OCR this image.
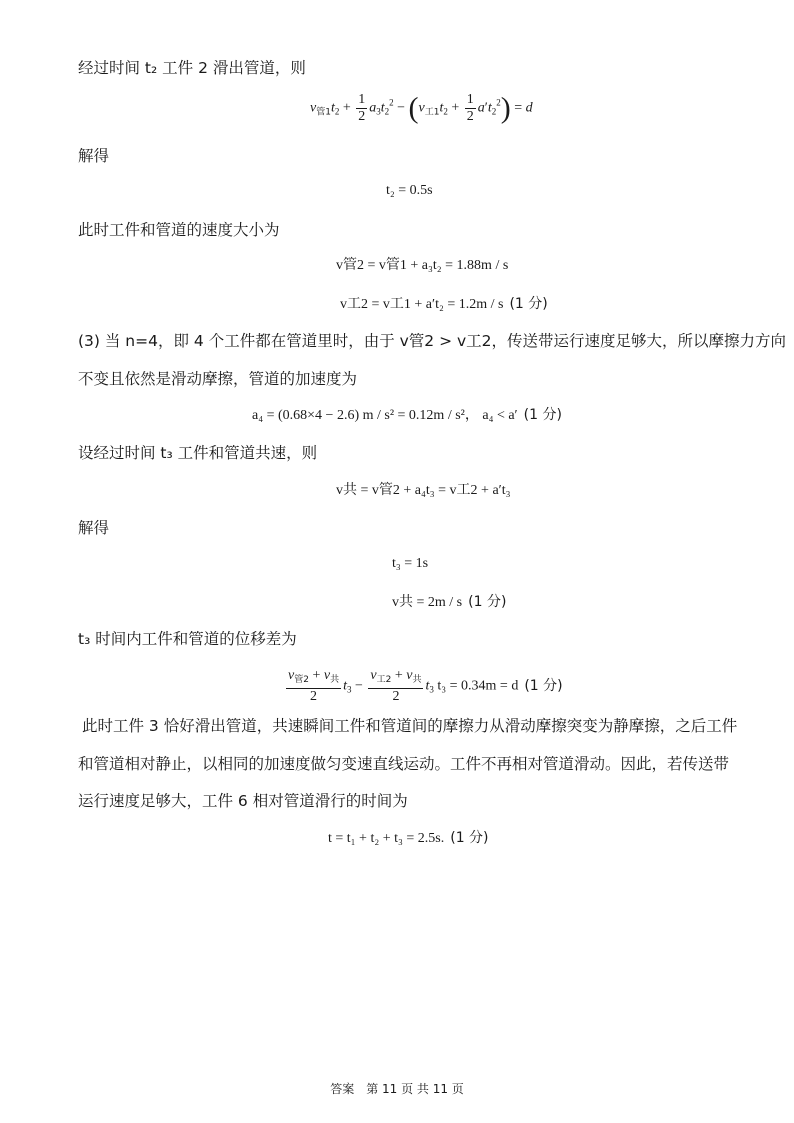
经过时间 t₂ 工件 2 滑出管道，则
$v_{管1}t_2 + \frac{1}{2} a_3t_2^2 - (v_{工1}t_2 + \frac{1}{2} a't_2^2) = d$
解得
t₂ = 0.5s
此时工件和管道的速度大小为
v管2 = v管1 + a₃t₂ = 1.88m / s
v工2 = v工1 + a′t₂ = 1.2m / s (1 分)
(3) 当 n=4，即 4 个工件都在管道里时，由于 v管2 > v工2，传送带运行速度足够大，所以摩擦力方向
不变且依然是滑动摩擦，管道的加速度为
a₄ = (0.68×4 − 2.6) m / s² = 0.12m / s²， a₄ < a′ (1 分)
设经过时间 t₃ 工件和管道共速，则
v共 = v管2 + a₄t₃ = v工2 + a′t₃
解得
t₃ = 1s
v共 = 2m / s (1 分)
t₃ 时间内工件和管道的位移差为
$\frac{v_{管2} + v_共}{2} t_3 - \frac{v_{工2} + v_共}{2} t_3$ t₃ = 0.34m = d (1 分)
此时工件 3 恰好滑出管道，共速瞬间工件和管道间的摩擦力从滑动摩擦突变为静摩擦，之后工件
和管道相对静止，以相同的加速度做匀变速直线运动。工件不再相对管道滑动。因此，若传送带
运行速度足够大，工件 6 相对管道滑行的时间为
t = t₁ + t₂ + t₃ = 2.5s. (1 分)
答案　第 11 页 共 11 页
